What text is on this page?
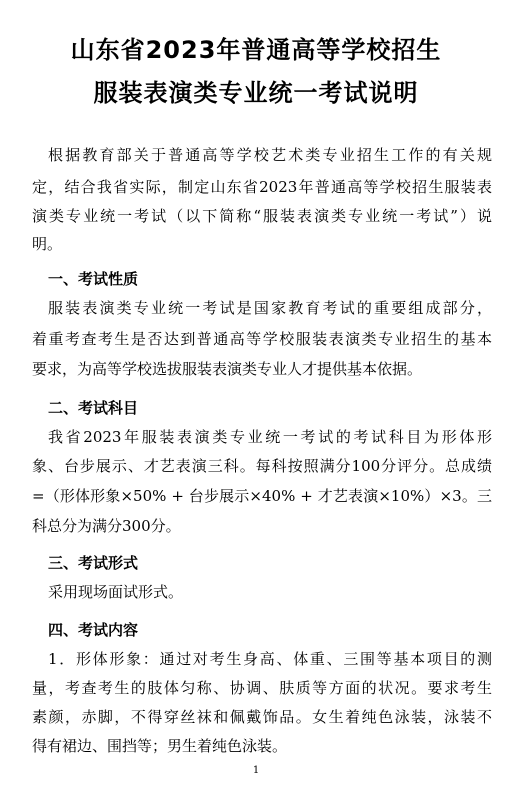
山东省2023年普通高等学校招生
服装表演类专业统一考试说明
根据教育部关于普通高等学校艺术类专业招生工作的有关规
定，结合我省实际，制定山东省2023年普通高等学校招生服装表
演类专业统一考试（以下简称“服装表演类专业统一考试”）说
明。
一、考试性质
服装表演类专业统一考试是国家教育考试的重要组成部分，
着重考查考生是否达到普通高等学校服装表演类专业招生的基本
要求，为高等学校选拔服装表演类专业人才提供基本依据。
二、考试科目
我省2023年服装表演类专业统一考试的考试科目为形体形
象、台步展示、才艺表演三科。每科按照满分100分评分。总成绩
=（形体形象×50% + 台步展示×40% + 才艺表演×10%）×3。三
科总分为满分300分。
三、考试形式
采用现场面试形式。
四、考试内容
1．形体形象：通过对考生身高、体重、三围等基本项目的测
量，考查考生的肢体匀称、协调、肤质等方面的状况。要求考生
素颜，赤脚，不得穿丝袜和佩戴饰品。女生着纯色泳装，泳装不
得有裙边、围挡等；男生着纯色泳装。
1
